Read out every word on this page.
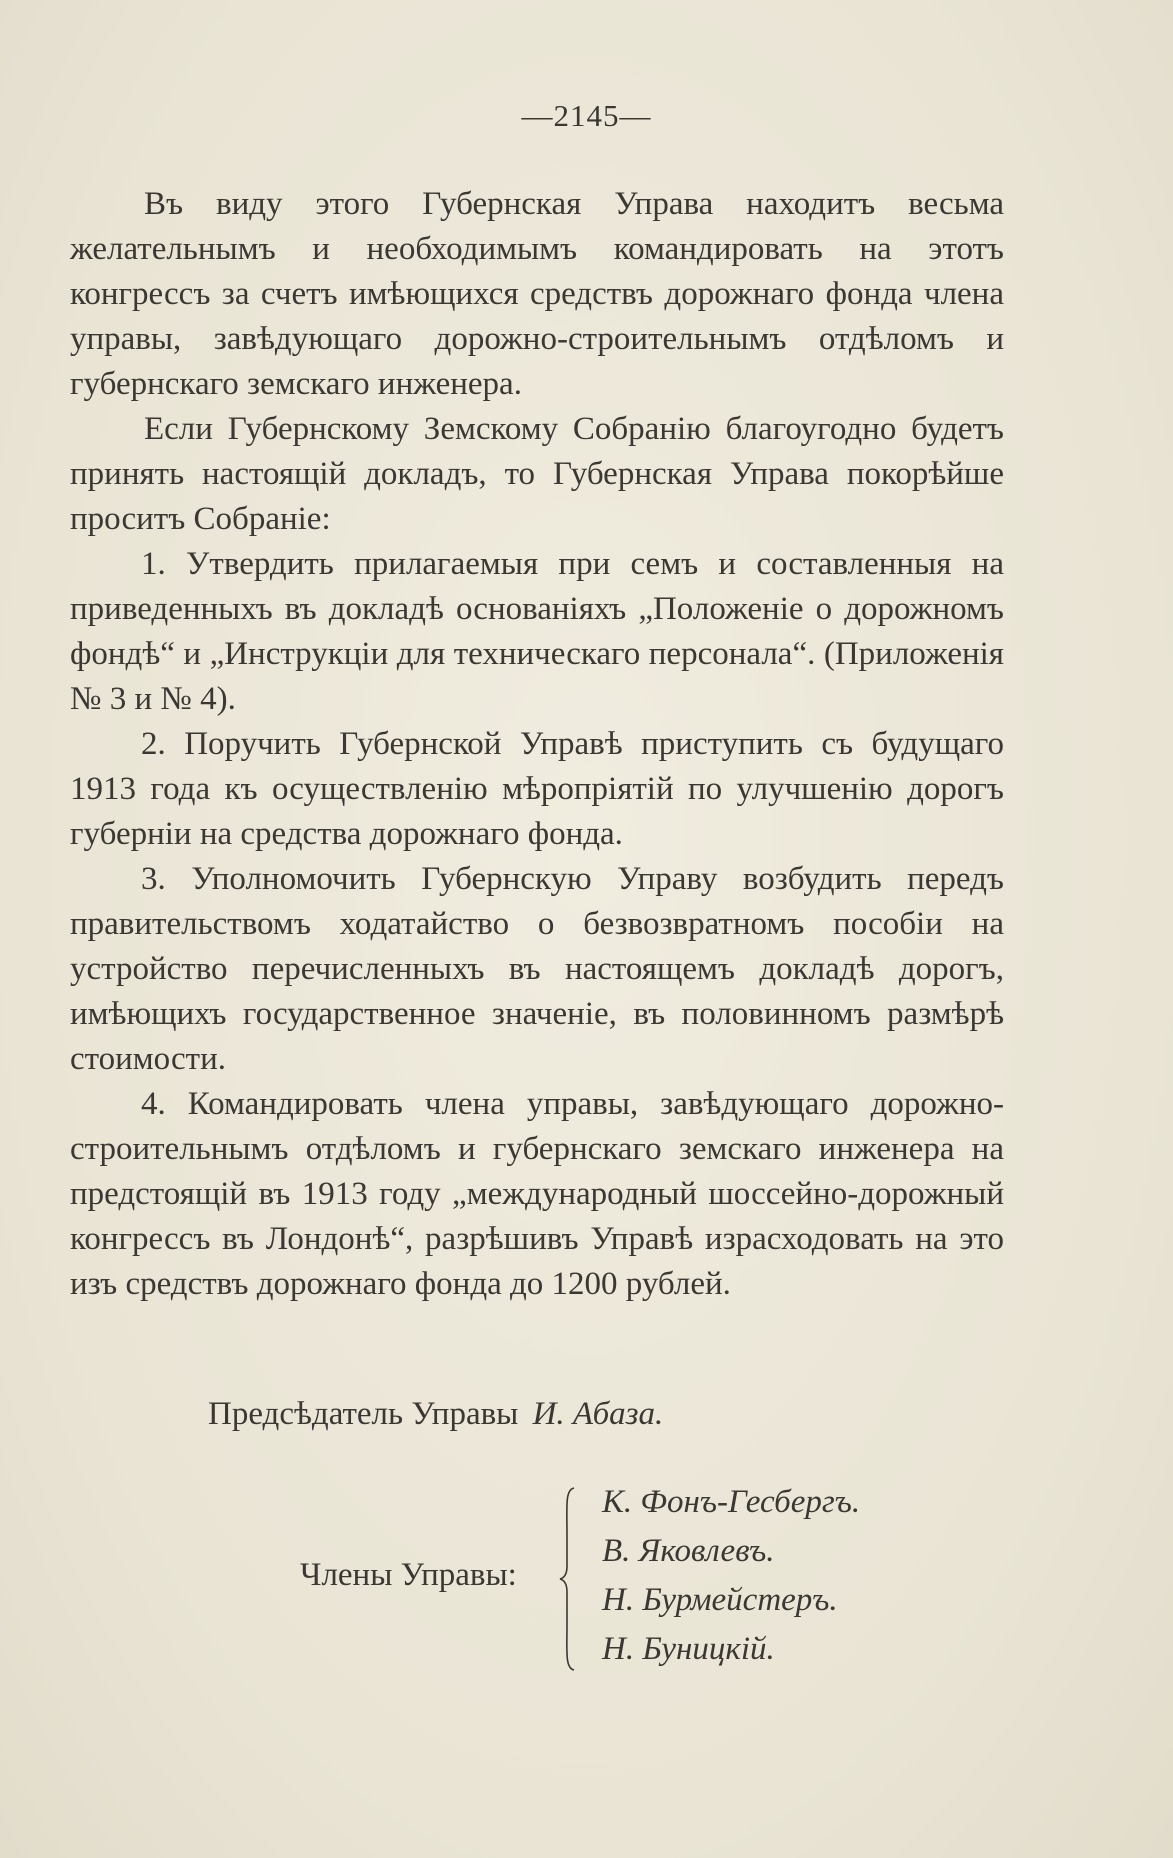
—2145—

Въ виду этого Губернская Управа находитъ весьма желательнымъ и необходимымъ командировать на этотъ конгрессъ за счетъ имѣющихся средствъ дорожнаго фонда члена управы, завѣдующаго дорожно-строительнымъ отдѣломъ и губернскаго земскаго инженера.

Если Губернскому Земскому Собранію благоугодно будетъ принять настоящій докладъ, то Губернская Управа покорѣйше проситъ Собраніе:

1. Утвердить прилагаемыя при семъ и составленныя на приведенныхъ въ докладѣ основаніяхъ „Положеніе о дорожномъ фондѣ“ и „Инструкціи для техническаго персонала“. (Приложенія № 3 и № 4).

2. Поручить Губернской Управѣ приступить съ будущаго 1913 года къ осуществленію мѣропріятій по улучшенію дорогъ губерніи на средства дорожнаго фонда.

3. Уполномочить Губернскую Управу возбудить передъ правительствомъ ходатайство о безвозвратномъ пособіи на устройство перечисленныхъ въ настоящемъ докладѣ дорогъ, имѣющихъ государственное значеніе, въ половинномъ размѣрѣ стоимости.

4. Командировать члена управы, завѣдующаго дорожно-строительнымъ отдѣломъ и губернскаго земскаго инженера на предстоящій въ 1913 году „международный шоссейно-дорожный конгрессъ въ Лондонѣ“, разрѣшивъ Управѣ израсходовать на это изъ средствъ дорожнаго фонда до 1200 рублей.

Предсѣдатель Управы И. Абаза.
Члены Управы:
К. Фонъ-Гесбергъ.
В. Яковлевъ.
Н. Бурмейстеръ.
Н. Буницкій.
